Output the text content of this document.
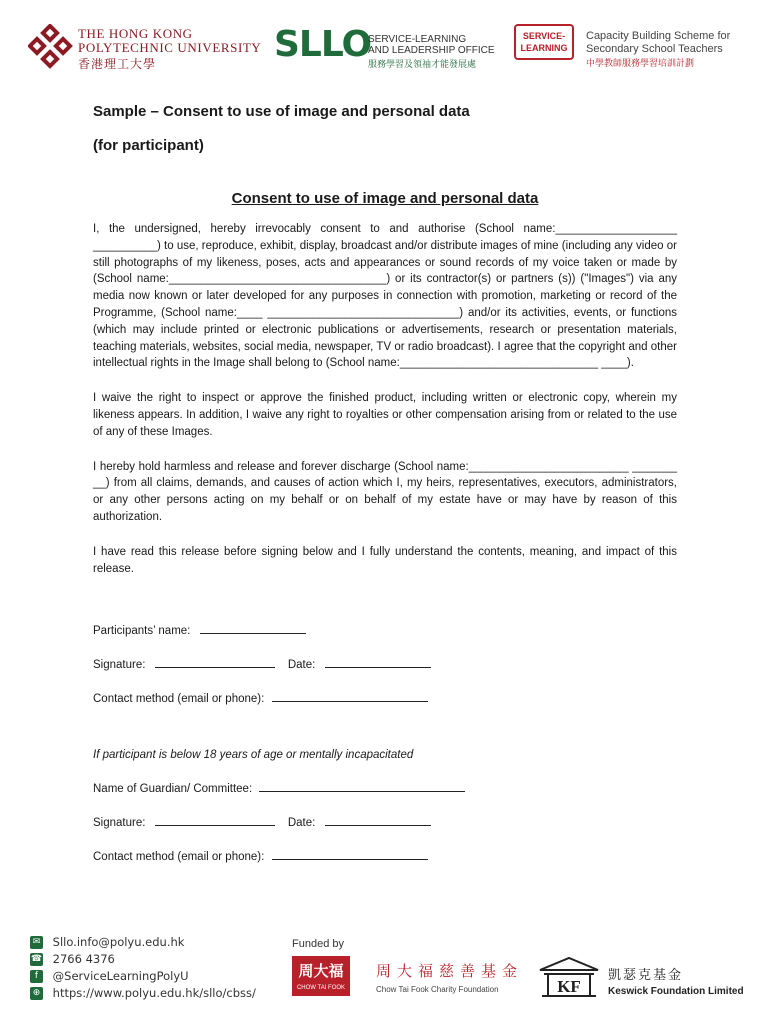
THE HONG KONG
POLYTECHNIC UNIVERSITY
香港理工大學	SLLO
SERVICE-LEARNING
AND LEADERSHIP OFFICE
服務學習及領袖才能發展處
SERVICE-
LEARNING
Capacity Building Scheme for
Secondary School Teachers
中學教師服務學習培訓計劃

Sample – Consent to use of image and personal data

(for participant)

Consent to use of image and personal data

I, the undersigned, hereby irrevocably consent to and authorise (School name:___________________ __________) to use, reproduce, exhibit, display, broadcast and/or distribute images of mine (including any video or still photographs of my likeness, poses, acts and appearances or sound records of my voice taken or made by (School name:__________________________________) or its contractor(s) or partners (s)) ("Images") via any media now known or later developed for any purposes in connection with promotion, marketing or record of the Programme, (School name:____ ______________________________) and/or its activities, events, or functions (which may include printed or electronic publications or advertisements, research or presentation materials, teaching materials, websites, social media, newspaper, TV or radio broadcast). I agree that the copyright and other intellectual rights in the Image shall belong to (School name:_______________________________ ____).

I waive the right to inspect or approve the finished product, including written or electronic copy, wherein my likeness appears. In addition, I waive any right to royalties or other compensation arising from or related to the use of any of these Images.

I hereby hold harmless and release and forever discharge (School name:_________________________ _______ __) from all claims, demands, and causes of action which I, my heirs, representatives, executors, administrators, or any other persons acting on my behalf or on behalf of my estate have or may have by reason of this authorization.

I have read this release before signing below and I fully understand the contents, meaning, and impact of this release.

Participants’ name:
Signature:	Date:
Contact method (email or phone):
If participant is below 18 years of age or mentally incapacitated
Name of Guardian/ Committee:
Signature:	Date:
Contact method (email or phone):
✉ Sllo.info@polyu.edu.hk
☎ 2766 4376
f @ServiceLearningPolyU
⊕ https://www.polyu.edu.hk/sllo/cbss/
Funded by
周大福
CHOW TAI FOOK
周大福慈善基金
Chow Tai Fook Charity Foundation	KF
凱瑟克基金
Keswick Foundation Limited
